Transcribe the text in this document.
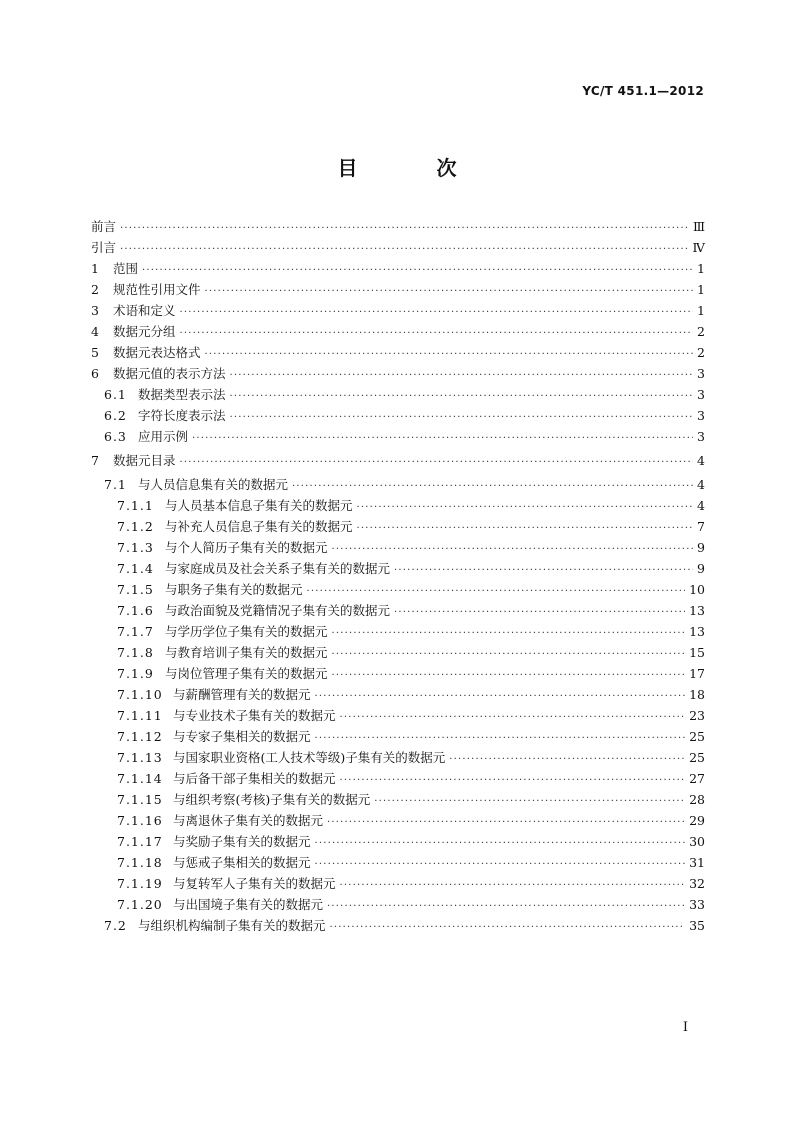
YC/T 451.1—2012
目 次
前言 ·····	Ⅲ
引言 ·····	Ⅳ
1	范围 ·····	1
2	规范性引用文件 ·····	1
3	术语和定义 ·····	1
4	数据元分组 ·····	2
5	数据元表达格式 ·····	2
6	数据元值的表示方法 ·····	3
6.1 数据类型表示法 ·····	3
6.2 字符长度表示法 ·····	3
6.3 应用示例 ·····	3
7	数据元目录 ·····	4
7.1 与人员信息集有关的数据元 ·····	4
7.1.1 与人员基本信息子集有关的数据元 ·····	4
7.1.2 与补充人员信息子集有关的数据元 ·····	7
7.1.3 与个人简历子集有关的数据元 ·····	9
7.1.4 与家庭成员及社会关系子集有关的数据元 ·····	9
7.1.5 与职务子集有关的数据元 ·····	10
7.1.6 与政治面貌及党籍情况子集有关的数据元 ·····	13
7.1.7 与学历学位子集有关的数据元 ·····	13
7.1.8 与教育培训子集有关的数据元 ·····	15
7.1.9 与岗位管理子集有关的数据元 ·····	17
7.1.10 与薪酬管理有关的数据元 ·····	18
7.1.11 与专业技术子集有关的数据元 ·····	23
7.1.12 与专家子集相关的数据元 ·····	25
7.1.13 与国家职业资格(工人技术等级)子集有关的数据元 ·····	25
7.1.14 与后备干部子集相关的数据元 ·····	27
7.1.15 与组织考察(考核)子集有关的数据元 ·····	28
7.1.16 与离退休子集有关的数据元 ·····	29
7.1.17 与奖励子集有关的数据元 ·····	30
7.1.18 与惩戒子集相关的数据元 ·····	31
7.1.19 与复转军人子集有关的数据元 ·····	32
7.1.20 与出国境子集有关的数据元 ·····	33
7.2 与组织机构编制子集有关的数据元 ·····	35
I
